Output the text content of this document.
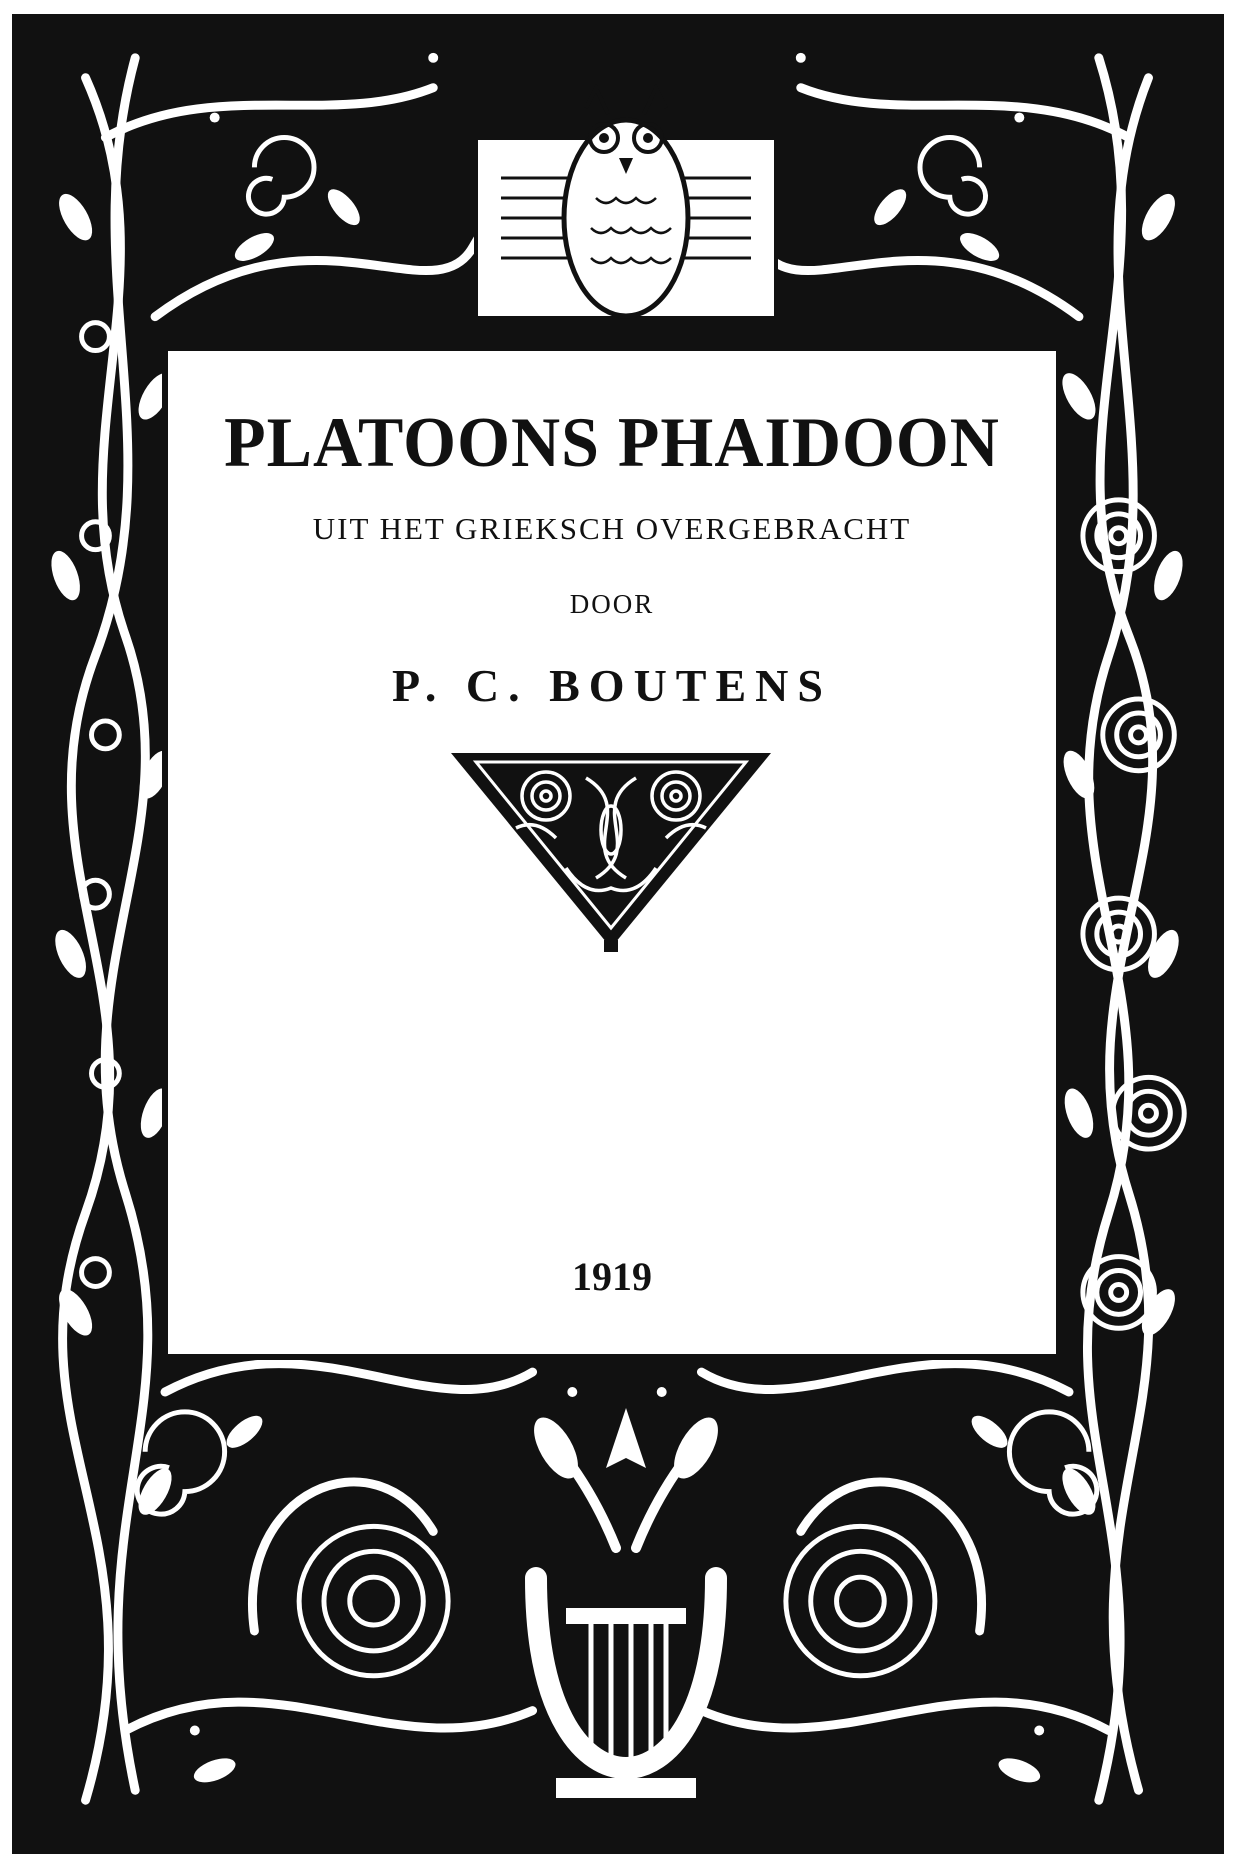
PLATOONS PHAIDOON
UIT HET GRIEKSCH OVERGEBRACHT
DOOR
P. C. BOUTENS
1919
